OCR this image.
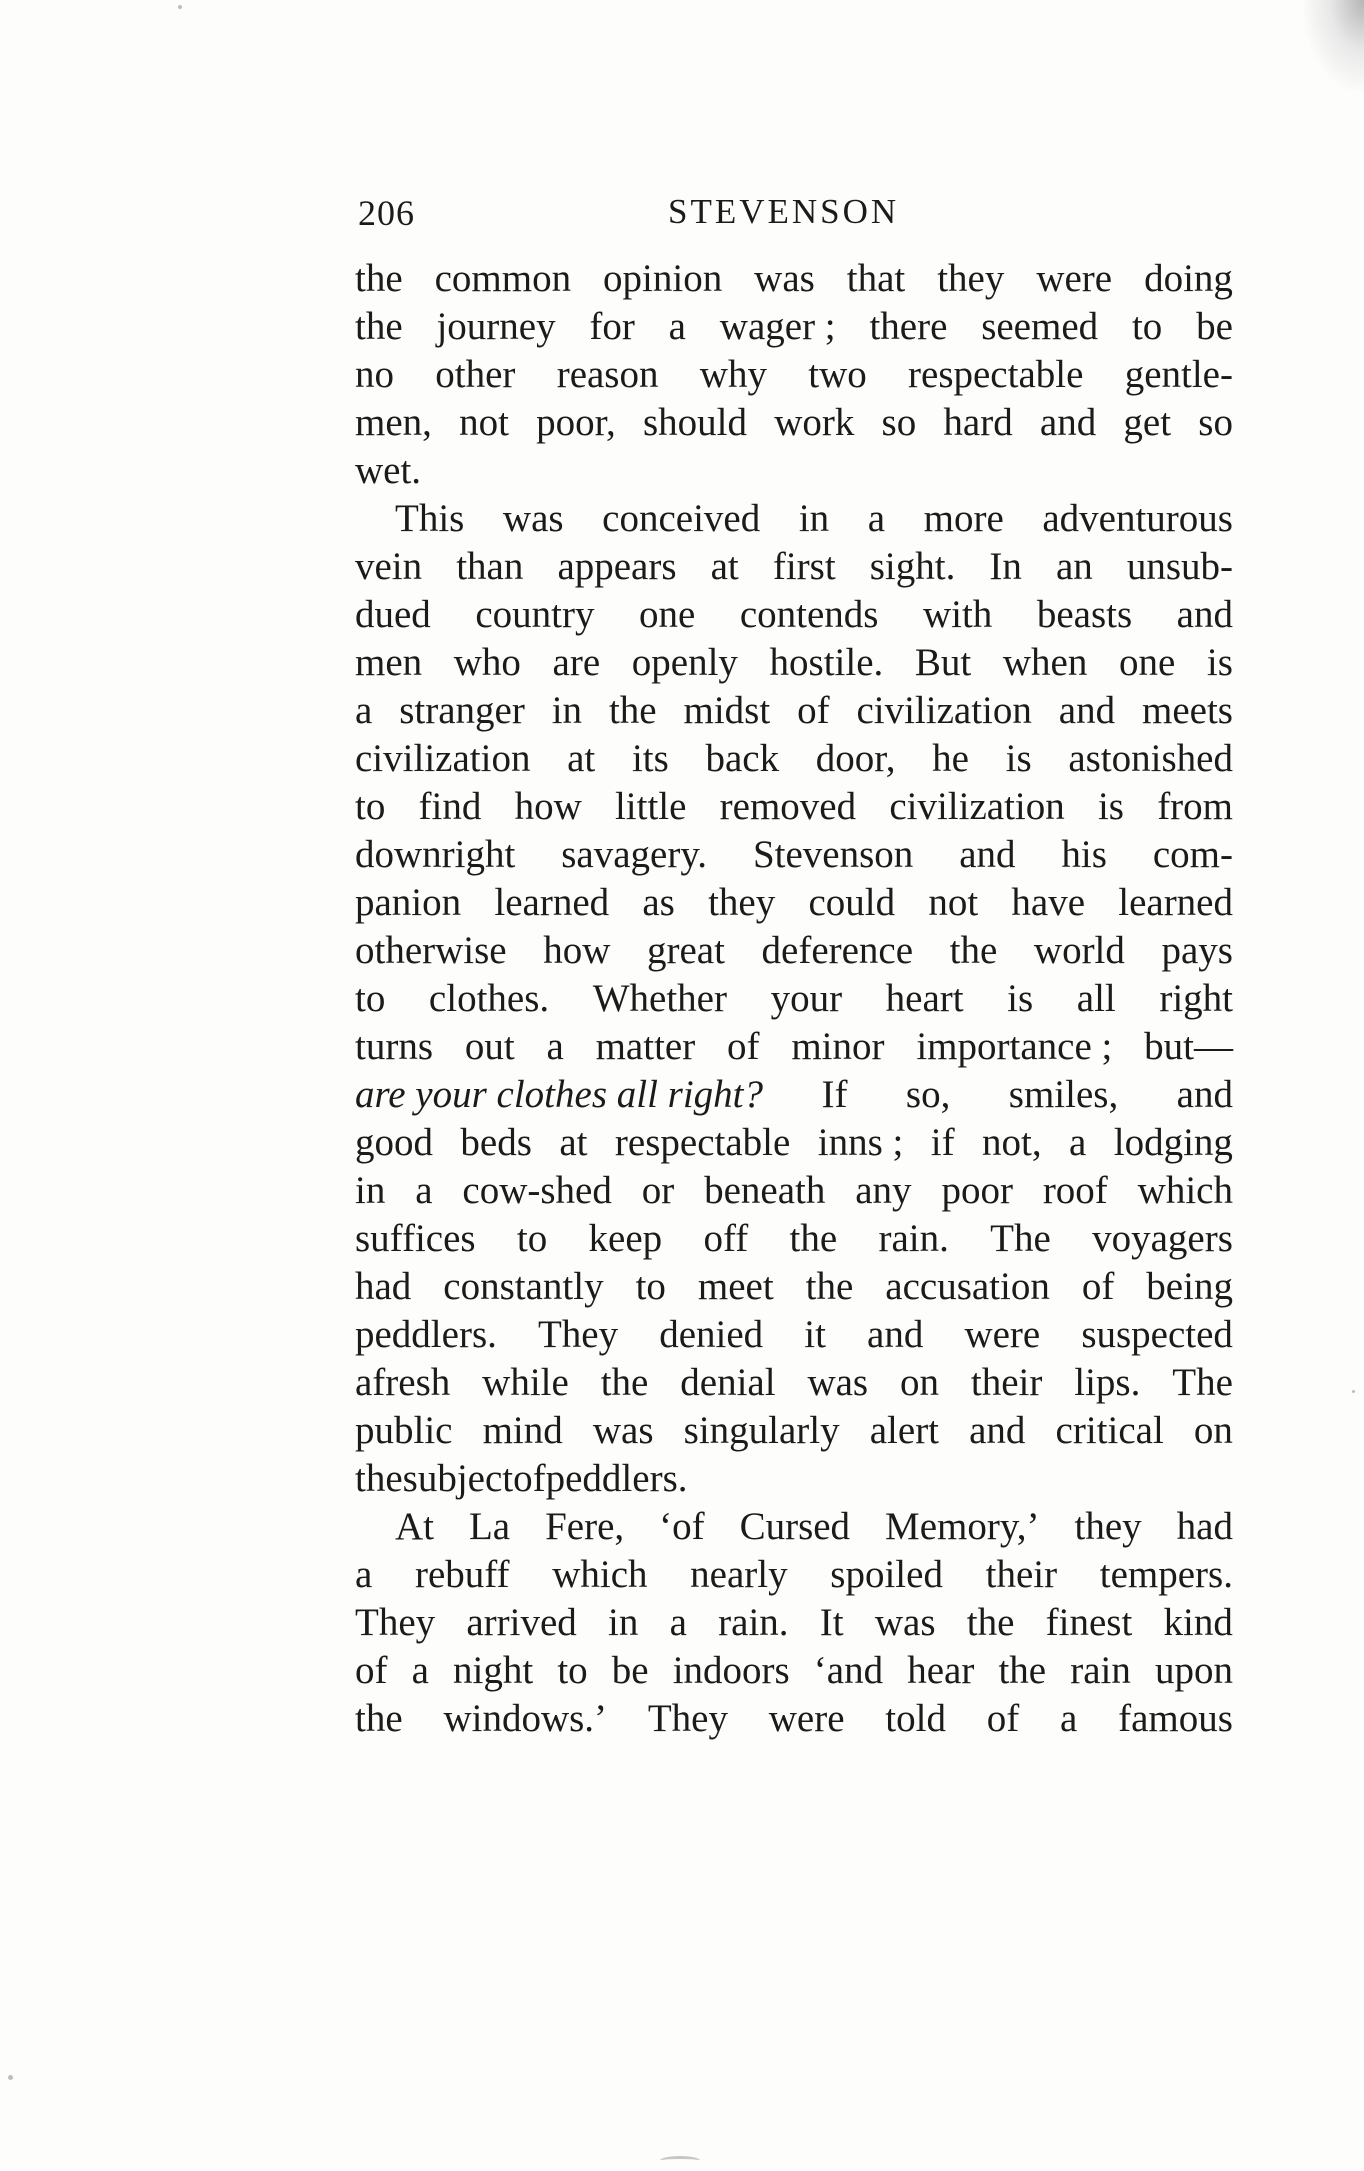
206	STEVENSON
the common opinion was that they were doing
the journey for a wager ; there seemed to be
no other reason why two respectable gentle-
men, not poor, should work so hard and get so
wet.
This was conceived in a more adventurous
vein than appears at first sight. In an unsub-
dued country one contends with beasts and
men who are openly hostile. But when one is
a stranger in the midst of civilization and meets
civilization at its back door, he is astonished
to find how little removed civilization is from
downright savagery. Stevenson and his com-
panion learned as they could not have learned
otherwise how great deference the world pays
to clothes. Whether your heart is all right
turns out a matter of minor importance ; but—
are your clothes all right? If so, smiles, and
good beds at respectable inns ; if not, a lodging
in a cow-shed or beneath any poor roof which
suffices to keep off the rain. The voyagers
had constantly to meet the accusation of being
peddlers. They denied it and were suspected
afresh while the denial was on their lips. The
public mind was singularly alert and critical on
the subject of peddlers.
At La Fere, ‘of Cursed Memory,’ they had
a rebuff which nearly spoiled their tempers.
They arrived in a rain. It was the finest kind
of a night to be indoors ‘and hear the rain upon
the windows.’ They were told of a famous
